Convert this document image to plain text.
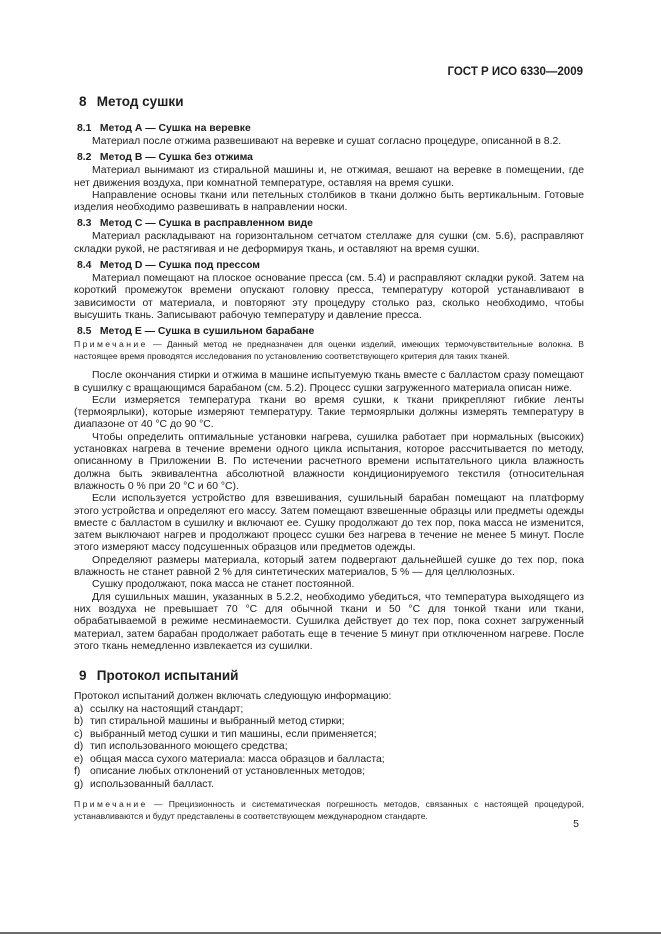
ГОСТ Р ИСО 6330—2009
8 Метод сушки
8.1 Метод А — Сушка на веревке

Материал после отжима развешивают на веревке и сушат согласно процедуре, описанной в 8.2.

8.2 Метод В — Сушка без отжима

Материал вынимают из стиральной машины и, не отжимая, вешают на веревке в помещении, где нет движения воздуха, при комнатной температуре, оставляя на время сушки.

Направление основы ткани или петельных столбиков в ткани должно быть вертикальным. Готовые изделия необходимо развешивать в направлении носки.

8.3 Метод С — Сушка в расправленном виде

Материал раскладывают на горизонтальном сетчатом стеллаже для сушки (см. 5.6), расправляют складки рукой, не растягивая и не деформируя ткань, и оставляют на время сушки.

8.4 Метод D — Сушка под прессом

Материал помещают на плоское основание пресса (см. 5.4) и расправляют складки рукой. Затем на короткий промежуток времени опускают головку пресса, температуру которой устанавливают в зависимости от материала, и повторяют эту процедуру столько раз, сколько необходимо, чтобы высушить ткань. Записывают рабочую температуру и давление пресса.

8.5 Метод Е — Сушка в сушильном барабане

Примечание — Данный метод не предназначен для оценки изделий, имеющих термочувствительные волокна. В настоящее время проводятся исследования по установлению соответствующего критерия для таких тканей.

После окончания стирки и отжима в машине испытуемую ткань вместе с балластом сразу помещают в сушилку с вращающимся барабаном (см. 5.2). Процесс сушки загруженного материала описан ниже.

Если измеряется температура ткани во время сушки, к ткани прикрепляют гибкие ленты (термоярлыки), которые измеряют температуру. Такие термоярлыки должны измерять температуру в диапазоне от 40 °С до 90 °С.

Чтобы определить оптимальные установки нагрева, сушилка работает при нормальных (высоких) установках нагрева в течение времени одного цикла испытания, которое рассчитывается по методу, описанному в Приложении В. По истечении расчетного времени испытательного цикла влажность должна быть эквивалентна абсолютной влажности кондиционируемого текстиля (относительная влажность 0 % при 20 °С и 60 °С).

Если используется устройство для взвешивания, сушильный барабан помещают на платформу этого устройства и определяют его массу. Затем помещают взвешенные образцы или предметы одежды вместе с балластом в сушилку и включают ее. Сушку продолжают до тех пор, пока масса не изменится, затем выключают нагрев и продолжают процесс сушки без нагрева в течение не менее 5 минут. После этого измеряют массу подсушенных образцов или предметов одежды.

Определяют размеры материала, который затем подвергают дальнейшей сушке до тех пор, пока влажность не станет равной 2 % для синтетических материалов, 5 % — для целлюлозных.

Сушку продолжают, пока масса не станет постоянной.

Для сушильных машин, указанных в 5.2.2, необходимо убедиться, что температура выходящего из них воздуха не превышает 70 °С для обычной ткани и 50 °С для тонкой ткани или ткани, обрабатываемой в режиме несминаемости. Сушилка действует до тех пор, пока сохнет загруженный материал, затем барабан продолжает работать еще в течение 5 минут при отключенном нагреве. После этого ткань немедленно извлекается из сушилки.

9 Протокол испытаний

Протокол испытаний должен включать следующую информацию:

a) ссылку на настоящий стандарт;

b) тип стиральной машины и выбранный метод стирки;

c) выбранный метод сушки и тип машины, если применяется;

d) тип использованного моющего средства;

e) общая масса сухого материала: масса образцов и балласта;

f) описание любых отклонений от установленных методов;

g) использованный балласт.

Примечание — Прецизионность и систематическая погрешность методов, связанных с настоящей процедурой, устанавливаются и будут представлены в соответствующем международном стандарте.

5
